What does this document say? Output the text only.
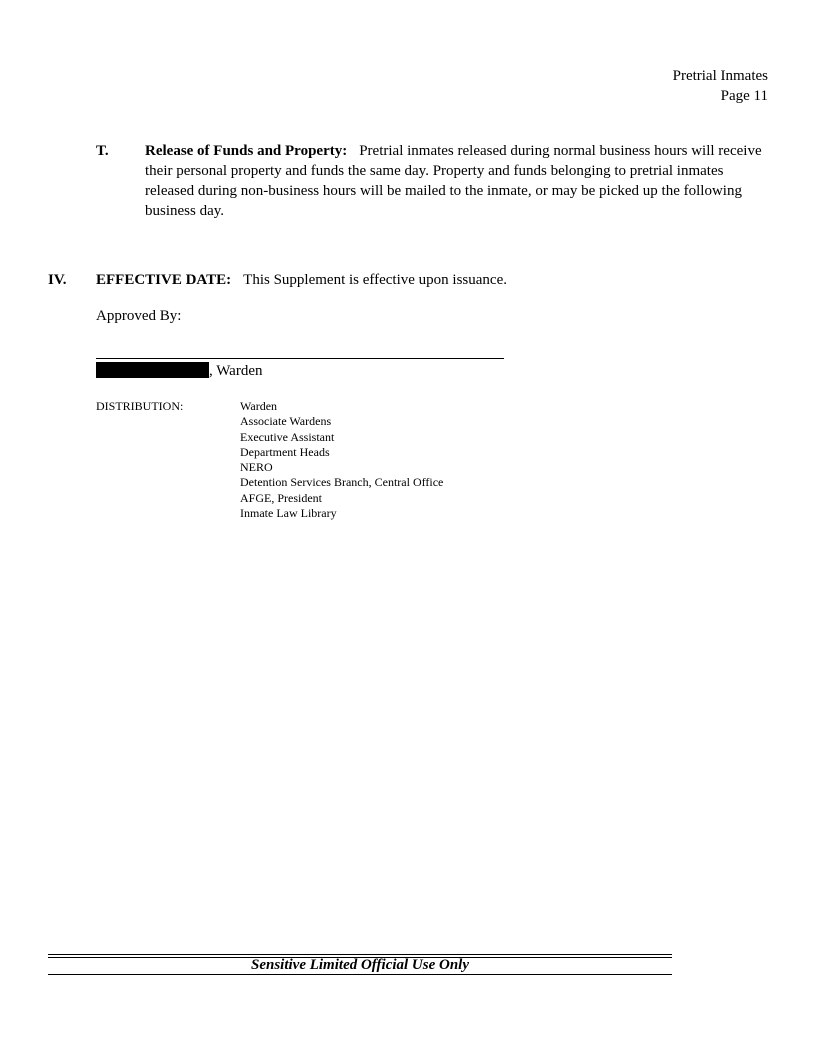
Pretrial Inmates
Page 11
T. Release of Funds and Property: Pretrial inmates released during normal business hours will receive their personal property and funds the same day. Property and funds belonging to pretrial inmates released during non-business hours will be mailed to the inmate, or may be picked up the following business day.
IV. EFFECTIVE DATE: This Supplement is effective upon issuance.
Approved By:
, Warden
DISTRIBUTION:	Warden
Associate Wardens
Executive Assistant
Department Heads
NERO
Detention Services Branch, Central Office
AFGE, President
Inmate Law Library
Sensitive Limited Official Use Only
